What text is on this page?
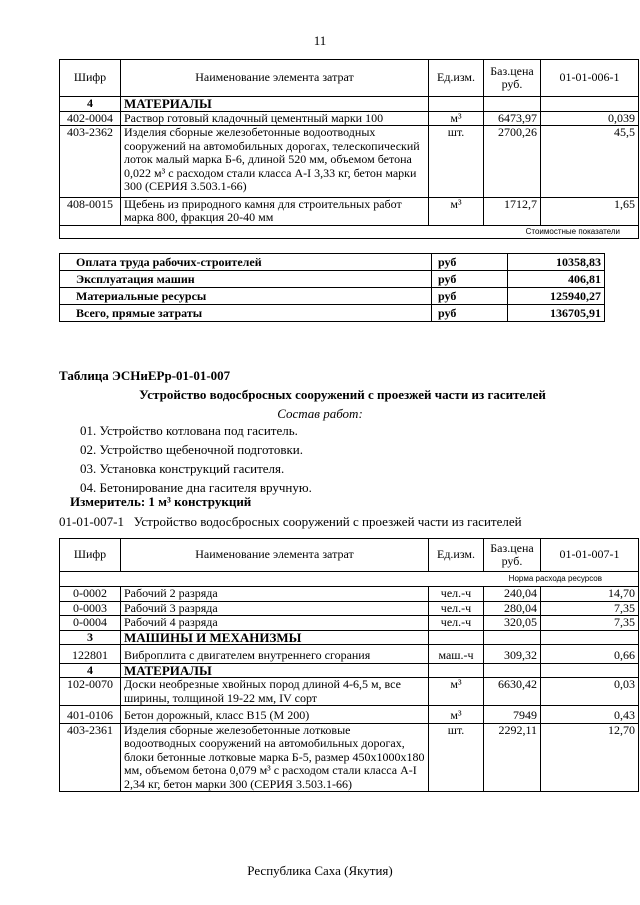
11
Шифр	Наименование элемента затрат	Ед.изм.	Баз.цена руб.	01-01-006-1
4	МАТЕРИАЛЫ			
402-0004	Раствор готовый кладочный цементный марки 100	м³	6473,97	0,039
403-2362	Изделия сборные железобетонные водоотводных сооружений на автомобильных дорогах, телескопический лоток малый марка Б-6, длиной 520 мм, объемом бетона 0,022 м³ с расходом стали класса А-I 3,33 кг, бетон марки 300 (СЕРИЯ 3.503.1-66)	шт.	2700,26	45,5
408-0015	Щебень из природного камня для строительных работ марка 800, фракция 20-40 мм	м³	1712,7	1,65
Стоимостные показатели				
Оплата труда рабочих-строителей	руб	10358,83
Эксплуатация машин	руб	406,81
Материальные ресурсы	руб	125940,27
Всего, прямые затраты	руб	136705,91
Таблица ЭСНиЕРр-01-01-007
Устройство водосбросных сооружений с проезжей части из гасителей
Состав работ:
01. Устройство котлована под гаситель.
02. Устройство щебеночной подготовки.
03. Установка конструкций гасителя.
04. Бетонирование дна гасителя вручную.
Измеритель: 1 м³ конструкций
01-01-007-1   Устройство водосбросных сооружений с проезжей части из гасителей
Шифр	Наименование элемента затрат	Ед.изм.	Баз.цена руб.	01-01-007-1
Норма расхода ресурсов				
0-0002	Рабочий 2 разряда	чел.-ч	240,04	14,70
0-0003	Рабочий 3 разряда	чел.-ч	280,04	7,35
0-0004	Рабочий 4 разряда	чел.-ч	320,05	7,35
3	МАШИНЫ И МЕХАНИЗМЫ			
122801	Виброплита с двигателем внутреннего сгорания	маш.-ч	309,32	0,66
4	МАТЕРИАЛЫ			
102-0070	Доски необрезные хвойных пород длиной 4-6,5 м, все ширины, толщиной 19-22 мм, IV сорт	м³	6630,42	0,03
401-0106	Бетон дорожный, класс В15 (М 200)	м³	7949	0,43
403-2361	Изделия сборные железобетонные лотковые водоотводных сооружений на автомобильных дорогах, блоки бетонные лотковые марка Б-5, размер 450х1000х180 мм, объемом бетона 0,079 м³ с расходом стали класса А-I 2,34 кг, бетон марки 300 (СЕРИЯ 3.503.1-66)	шт.	2292,11	12,70
Республика Саха (Якутия)
